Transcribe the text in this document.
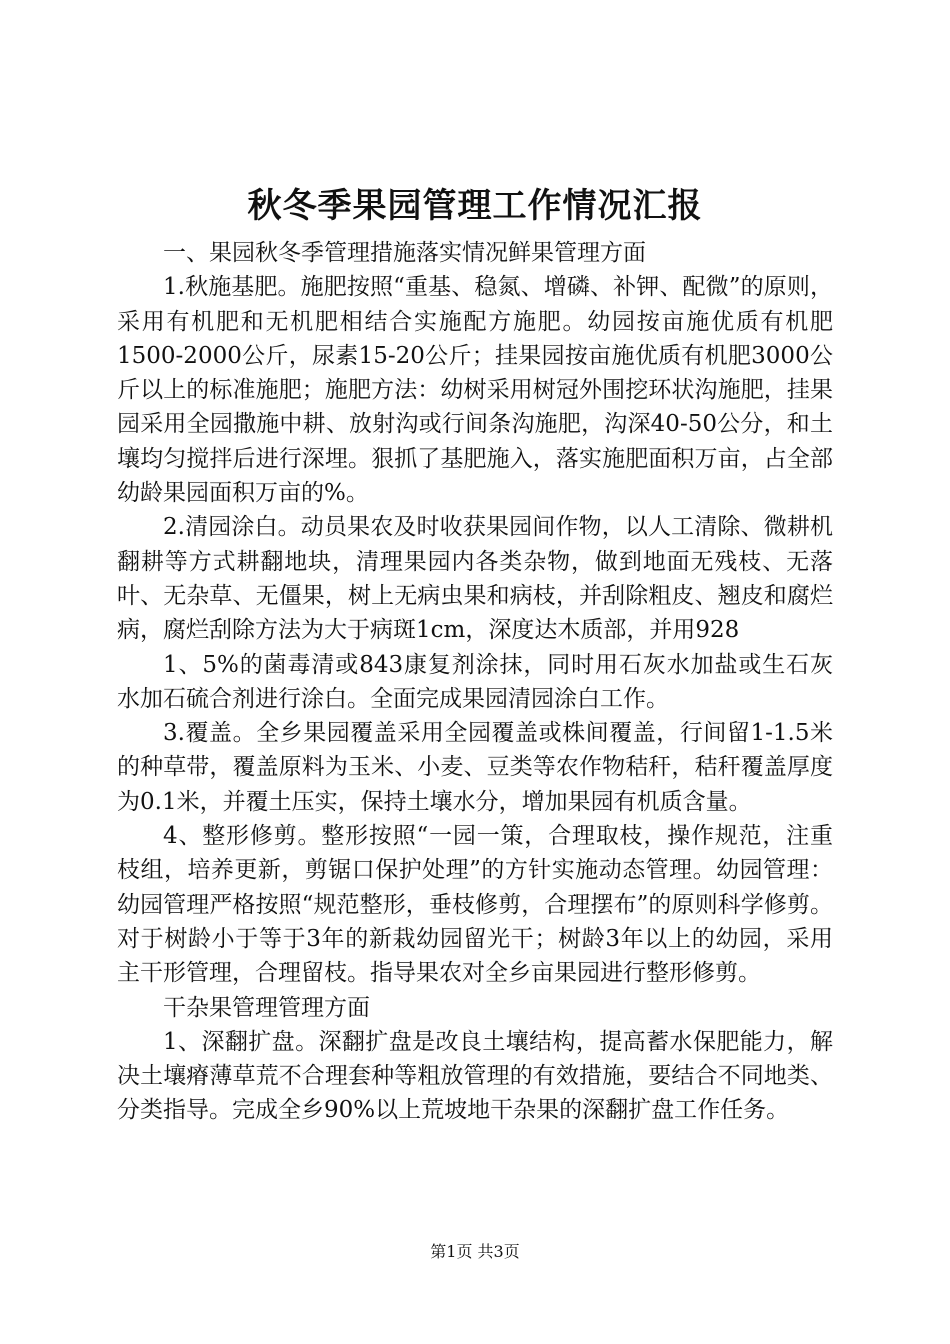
秋冬季果园管理工作情况汇报

一、果园秋冬季管理措施落实情况鲜果管理方面

1.秋施基肥。施肥按照“重基、稳氮、增磷、补钾、配微”的原则，采用有机肥和无机肥相结合实施配方施肥。幼园按亩施优质有机肥1500-2000公斤，尿素15-20公斤；挂果园按亩施优质有机肥3000公斤以上的标准施肥；施肥方法：幼树采用树冠外围挖环状沟施肥，挂果园采用全园撒施中耕、放射沟或行间条沟施肥，沟深40-50公分，和土壤均匀搅拌后进行深埋。狠抓了基肥施入，落实施肥面积万亩，占全部幼龄果园面积万亩的%。

2.清园涂白。动员果农及时收获果园间作物，以人工清除、微耕机翻耕等方式耕翻地块，清理果园内各类杂物，做到地面无残枝、无落叶、无杂草、无僵果，树上无病虫果和病枝，并刮除粗皮、翘皮和腐烂病，腐烂刮除方法为大于病斑1cm，深度达木质部，并用928

1、5%的菌毒清或843康复剂涂抹，同时用石灰水加盐或生石灰水加石硫合剂进行涂白。全面完成果园清园涂白工作。

3.覆盖。全乡果园覆盖采用全园覆盖或株间覆盖，行间留1-1.5米的种草带，覆盖原料为玉米、小麦、豆类等农作物秸秆，秸秆覆盖厚度为0.1米，并覆土压实，保持土壤水分，增加果园有机质含量。

4、整形修剪。整形按照“一园一策，合理取枝，操作规范，注重枝组，培养更新，剪锯口保护处理”的方针实施动态管理。幼园管理：幼园管理严格按照“规范整形，垂枝修剪，合理摆布”的原则科学修剪。对于树龄小于等于3年的新栽幼园留光干；树龄3年以上的幼园，采用主干形管理，合理留枝。指导果农对全乡亩果园进行整形修剪。

干杂果管理管理方面

1、深翻扩盘。深翻扩盘是改良土壤结构，提高蓄水保肥能力，解决土壤瘠薄草荒不合理套种等粗放管理的有效措施，要结合不同地类、分类指导。完成全乡90%以上荒坡地干杂果的深翻扩盘工作任务。

第1页 共3页
